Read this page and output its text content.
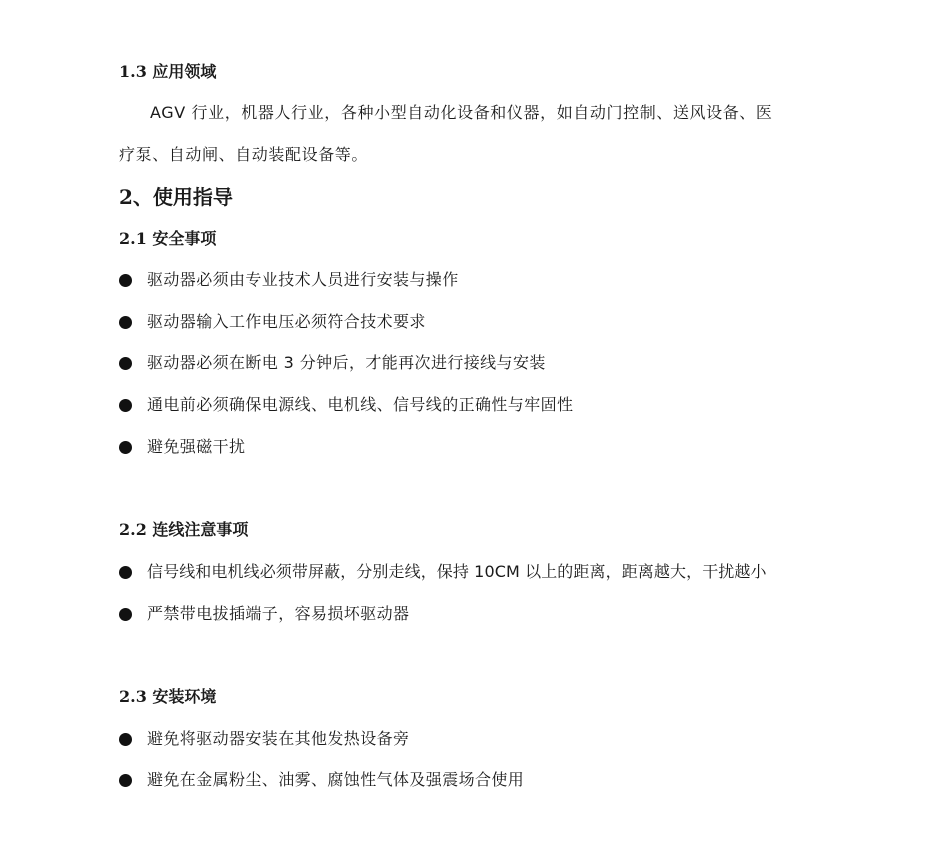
1.3 应用领域
AGV 行业，机器人行业，各种小型自动化设备和仪器，如自动门控制、送风设备、医
疗泵、自动闸、自动装配设备等。
2、使用指导
2.1 安全事项
驱动器必须由专业技术人员进行安装与操作
驱动器输入工作电压必须符合技术要求
驱动器必须在断电 3 分钟后，才能再次进行接线与安装
通电前必须确保电源线、电机线、信号线的正确性与牢固性
避免强磁干扰
2.2 连线注意事项
信号线和电机线必须带屏蔽，分别走线，保持 10CM 以上的距离，距离越大，干扰越小
严禁带电拔插端子，容易损坏驱动器
2.3 安装环境
避免将驱动器安装在其他发热设备旁
避免在金属粉尘、油雾、腐蚀性气体及强震场合使用
